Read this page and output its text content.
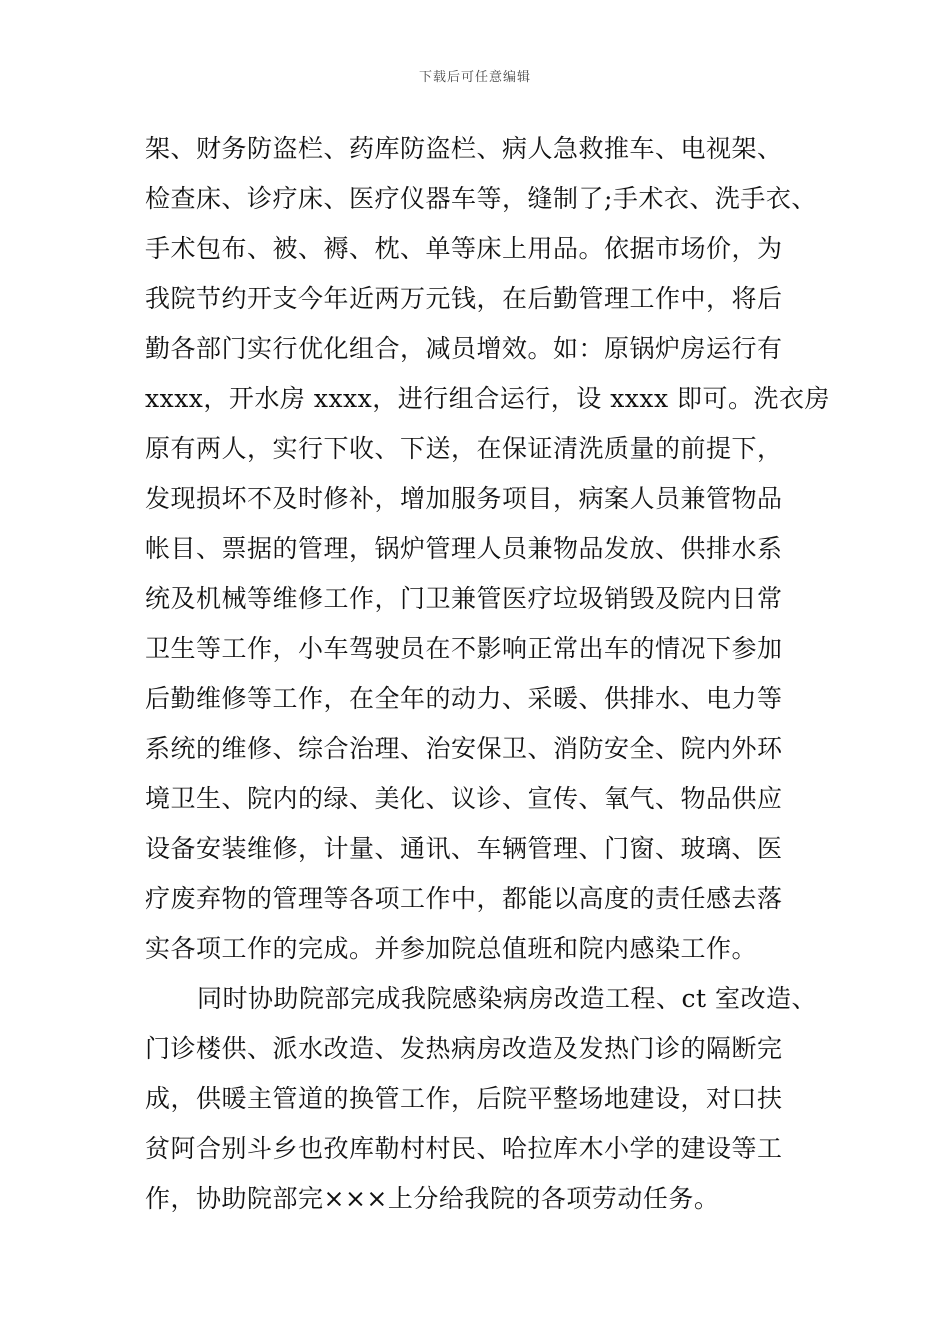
下载后可任意编辑
架、财务防盗栏、药库防盗栏、病人急救推车、电视架、
检查床、诊疗床、医疗仪器车等，缝制了;手术衣、洗手衣、
手术包布、被、褥、枕、单等床上用品。依据市场价，为
我院节约开支今年近两万元钱，在后勤管理工作中，将后
勤各部门实行优化组合，减员增效。如：原锅炉房运行有
xxxx，开水房 xxxx，进行组合运行，设 xxxx 即可。洗衣房
原有两人，实行下收、下送，在保证清洗质量的前提下，
发现损坏不及时修补，增加服务项目，病案人员兼管物品
帐目、票据的管理，锅炉管理人员兼物品发放、供排水系
统及机械等维修工作，门卫兼管医疗垃圾销毁及院内日常
卫生等工作，小车驾驶员在不影响正常出车的情况下参加
后勤维修等工作，在全年的动力、采暖、供排水、电力等
系统的维修、综合治理、治安保卫、消防安全、院内外环
境卫生、院内的绿、美化、议诊、宣传、氧气、物品供应
设备安装维修，计量、通讯、车辆管理、门窗、玻璃、医
疗废弃物的管理等各项工作中，都能以高度的责任感去落
实各项工作的完成。并参加院总值班和院内感染工作。
同时协助院部完成我院感染病房改造工程、ct 室改造、
门诊楼供、派水改造、发热病房改造及发热门诊的隔断完
成，供暖主管道的换管工作，后院平整场地建设，对口扶
贫阿合别斗乡也孜库勒村村民、哈拉库木小学的建设等工
作，协助院部完×××上分给我院的各项劳动任务。
